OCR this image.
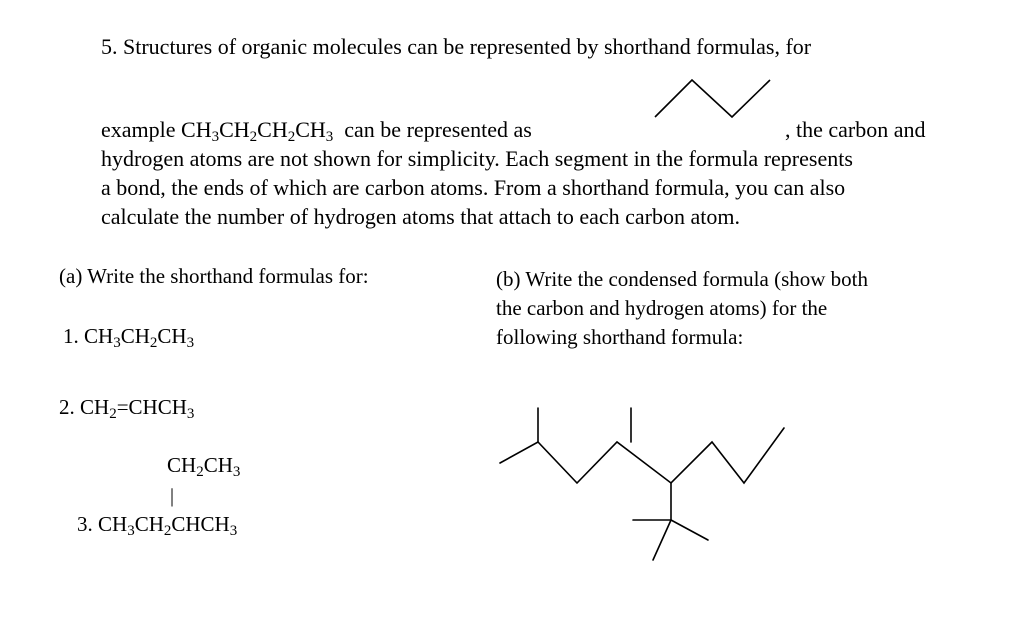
5. Structures of organic molecules can be represented by shorthand formulas, for
example $CH_3CH_2CH_2CH_3$ can be represented as	, the carbon and
hydrogen atoms are not shown for simplicity. Each segment in the formula represents
a bond, the ends of which are carbon atoms. From a shorthand formula, you can also
calculate the number of hydrogen atoms that attach to each carbon atom.
(a) Write the shorthand formulas for:
1. $CH_3CH_2CH_3$
2. $CH_2=CHCH_3$
$CH_2CH_3$
|
3. $CH_3CH_2CHCH_3$
(b) Write the condensed formula (show both
the carbon and hydrogen atoms) for the
following shorthand formula:
